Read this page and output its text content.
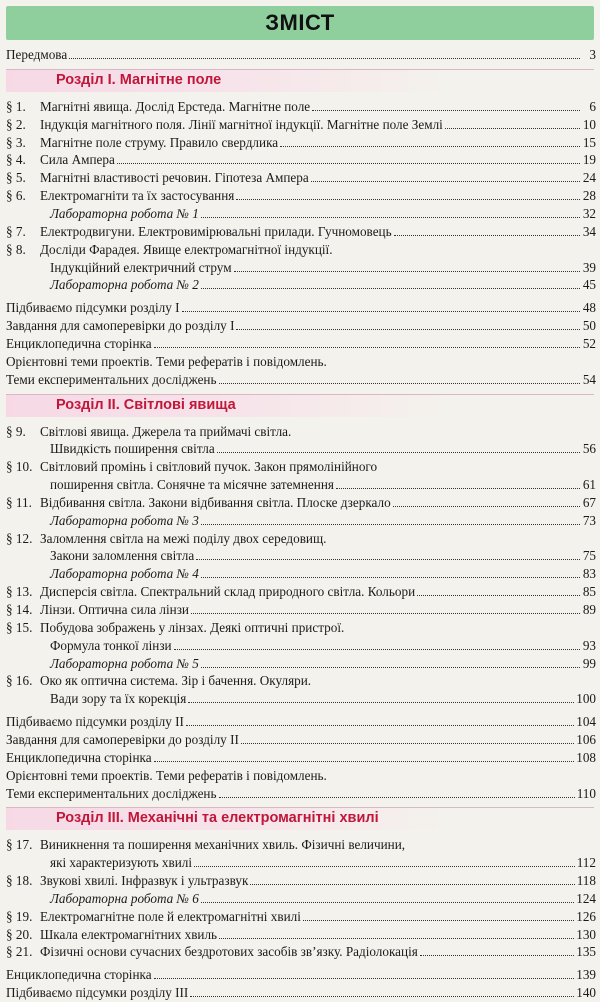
ЗМІСТ
Передмова	3
Розділ І. Магнітне поле
§ 1. Магнітні явища. Дослід Ерстеда. Магнітне поле	6
§ 2. Індукція магнітного поля. Лінії магнітної індукції. Магнітне поле Землі	10
§ 3. Магнітне поле струму. Правило свердлика	15
§ 4. Сила Ампера	19
§ 5. Магнітні властивості речовин. Гіпотеза Ампера	24
§ 6. Електромагніти та їх застосування	28
Лабораторна робота № 1	32
§ 7. Електродвигуни. Електровимірювальні прилади. Гучномовець	34
§ 8. Досліди Фарадея. Явище електромагнітної індукції.
Індукційний електричний струм	39
Лабораторна робота № 2	45
Підбиваємо підсумки розділу І	48
Завдання для самоперевірки до розділу І	50
Енциклопедична сторінка	52
Орієнтовні теми проектів. Теми рефератів і повідомлень.
Теми експериментальних досліджень	54
Розділ ІІ. Світлові явища
§ 9. Світлові явища. Джерела та приймачі світла.
Швидкість поширення світла	56
§ 10. Світловий промінь і світловий пучок. Закон прямолінійного
поширення світла. Сонячне та місячне затемнення	61
§ 11. Відбивання світла. Закони відбивання світла. Плоске дзеркало	67
Лабораторна робота № 3	73
§ 12. Заломлення світла на межі поділу двох середовищ.
Закони заломлення світла	75
Лабораторна робота № 4	83
§ 13. Дисперсія світла. Спектральний склад природного світла. Кольори	85
§ 14. Лінзи. Оптична сила лінзи	89
§ 15. Побудова зображень у лінзах. Деякі оптичні пристрої.
Формула тонкої лінзи	93
Лабораторна робота № 5	99
§ 16. Око як оптична система. Зір і бачення. Окуляри.
Вади зору та їх корекція	100
Підбиваємо підсумки розділу ІІ	104
Завдання для самоперевірки до розділу ІІ	106
Енциклопедична сторінка	108
Орієнтовні теми проектів. Теми рефератів і повідомлень.
Теми експериментальних досліджень	110
Розділ ІІІ. Механічні та електромагнітні хвилі
§ 17. Виникнення та поширення механічних хвиль. Фізичні величини,
які характеризують хвилі	112
§ 18. Звукові хвилі. Інфразвук і ультразвук	118
Лабораторна робота № 6	124
§ 19. Електромагнітне поле й електромагнітні хвилі	126
§ 20. Шкала електромагнітних хвиль	130
§ 21. Фізичні основи сучасних бездротових засобів зв’язку. Радіолокація	135
Енциклопедична сторінка	139
Підбиваємо підсумки розділу ІІІ	140
